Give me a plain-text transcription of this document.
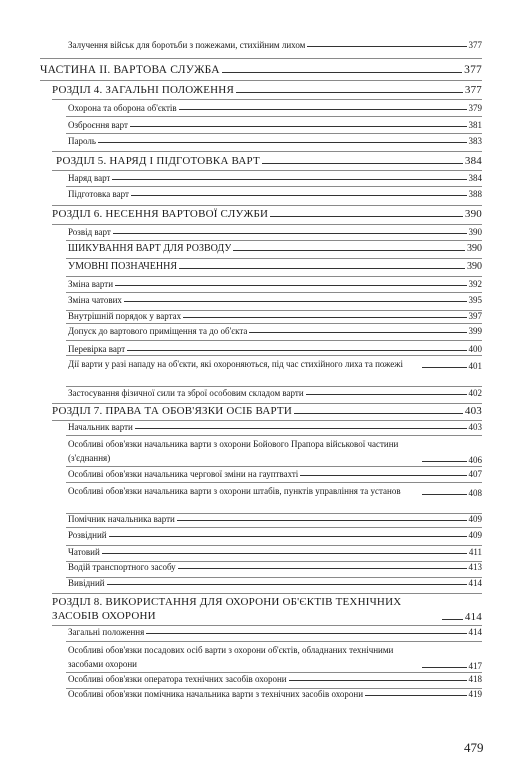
Залучення військ для боротьби з пожежами, стихійним лихом	377
ЧАСТИНА II. ВАРТОВА СЛУЖБА	377
РОЗДІЛ 4. ЗАГАЛЬНІ ПОЛОЖЕННЯ	377
Охорона та оборона об'єктів	379
Озброєння варт	381
Пароль	383
РОЗДІЛ 5. НАРЯД І ПІДГОТОВКА ВАРТ	384
Наряд варт	384
Підготовка варт	388
РОЗДІЛ 6. НЕСЕННЯ ВАРТОВОЇ СЛУЖБИ	390
Розвід варт	390
ШИКУВАННЯ ВАРТ ДЛЯ РОЗВОДУ	390
УМОВНІ ПОЗНАЧЕННЯ	390
Зміна варти	392
Зміна чатових	395
Внутрішній порядок у вартах	397
Допуск до вартового приміщення та до об'єкта	399
Перевірка варт	400
Дії варти у разі нападу на об'єкти, які охороняються, під час стихійного лиха та пожежі	401
Застосування фізичної сили та зброї особовим складом варти	402
РОЗДІЛ 7. ПРАВА ТА ОБОВ'ЯЗКИ ОСІБ ВАРТИ	403
Начальник варти	403
Особливі обов'язки начальника варти з охорони Бойового Прапора військової частини (з'єднання)	406
Особливі обов'язки начальника чергової зміни на гауптвахті	407
Особливі обов'язки начальника варти з охорони штабів, пунктів управління та установ	408
Помічник начальника варти	409
Розвідний	409
Чатовий	411
Водій транспортного засобу	413
Вивідний	414
РОЗДІЛ 8. ВИКОРИСТАННЯ ДЛЯ ОХОРОНИ ОБ'ЄКТІВ ТЕХНІЧНИХ ЗАСОБІВ ОХОРОНИ	414
Загальні положення	414
Особливі обов'язки посадових осіб варти з охорони об'єктів, обладнаних технічними засобами охорони	417
Особливі обов'язки оператора технічних засобів охорони	418
Особливі обов'язки помічника начальника варти з технічних засобів охорони	419
479
